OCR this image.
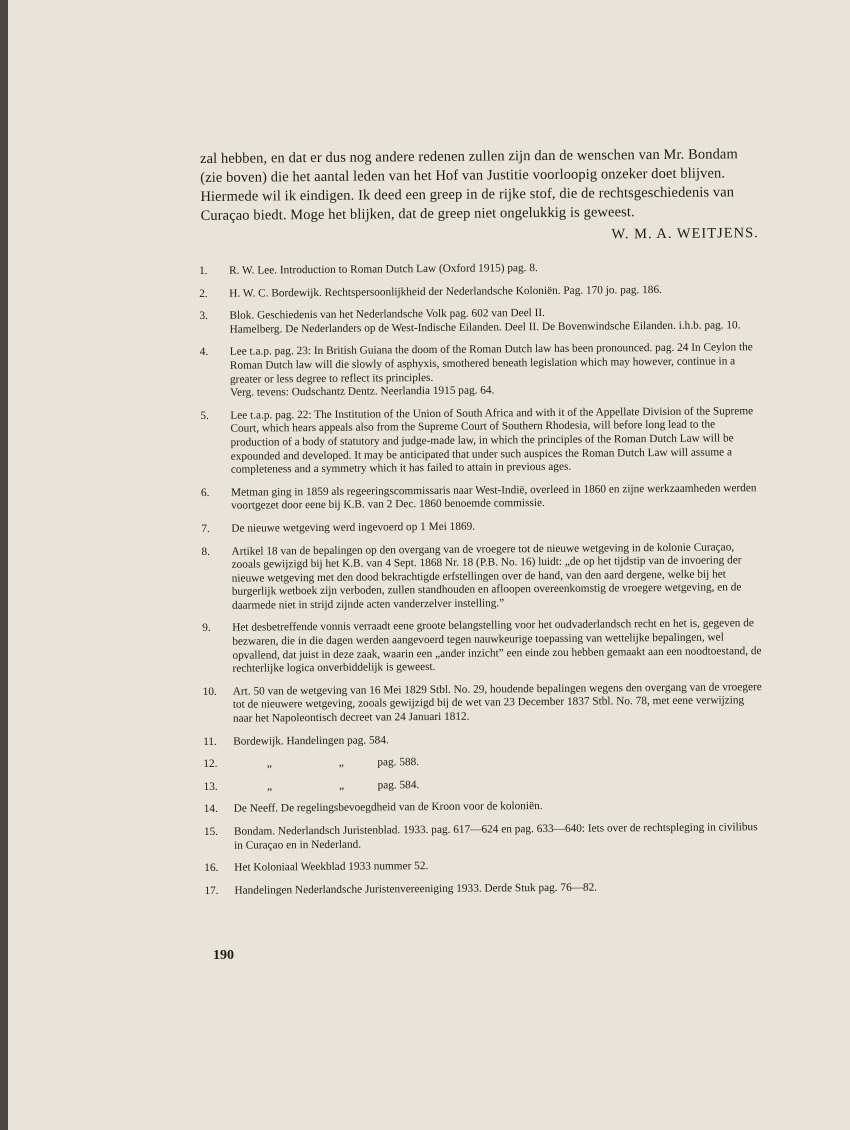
zal hebben, en dat er dus nog andere redenen zullen zijn dan de wenschen van Mr. Bondam (zie boven) die het aantal leden van het Hof van Justitie voorloopig onzeker doet blijven.
Hiermede wil ik eindigen. Ik deed een greep in de rijke stof, die de rechtsgeschiedenis van Curaçao biedt. Moge het blijken, dat de greep niet ongelukkig is geweest.
W. M. A. WEITJENS.
1.	R. W. Lee. Introduction to Roman Dutch Law (Oxford 1915) pag. 8.
2.	H. W. C. Bordewijk. Rechtspersoonlijkheid der Nederlandsche Koloniën. Pag. 170 jo. pag. 186.
3.	Blok. Geschiedenis van het Nederlandsche Volk pag. 602 van Deel II.
Hamelberg. De Nederlanders op de West-Indische Eilanden. Deel II. De Bovenwindsche Eilanden. i.h.b. pag. 10.
4.	Lee t.a.p. pag. 23: In British Guiana the doom of the Roman Dutch law has been pronounced. pag. 24 In Ceylon the Roman Dutch law will die slowly of asphyxis, smothered beneath legislation which may however, continue in a greater or less degree to reflect its principles.
Verg. tevens: Oudschantz Dentz. Neerlandia 1915 pag. 64.
5.	Lee t.a.p. pag. 22: The Institution of the Union of South Africa and with it of the Appellate Division of the Supreme Court, which hears appeals also from the Supreme Court of Southern Rhodesia, will before long lead to the production of a body of statutory and judge-made law, in which the principles of the Roman Dutch Law will be expounded and developed. It may be anticipated that under such auspices the Roman Dutch Law will assume a completeness and a symmetry which it has failed to attain in previous ages.
6.	Metman ging in 1859 als regeeringscommissaris naar West-Indië, overleed in 1860 en zijne werkzaamheden werden voortgezet door eene bij K.B. van 2 Dec. 1860 benoemde commissie.
7.	De nieuwe wetgeving werd ingevoerd op 1 Mei 1869.
8.	Artikel 18 van de bepalingen op den overgang van de vroegere tot de nieuwe wetgeving in de kolonie Curaçao, zooals gewijzigd bij het K.B. van 4 Sept. 1868 Nr. 18 (P.B. No. 16) luidt: „de op het tijdstip van de invoering der nieuwe wetgeving met den dood bekrachtigde erfstellingen over de hand, van den aard dergene, welke bij het burgerlijk wetboek zijn verboden, zullen standhouden en afloopen overeenkomstig de vroegere wetgeving, en de daarmede niet in strijd zijnde acten vanderzelver instelling.”
9.	Het desbetreffende vonnis verraadt eene groote belangstelling voor het oudvaderlandsch recht en het is, gegeven de bezwaren, die in die dagen werden aangevoerd tegen nauwkeurige toepassing van wettelijke bepalingen, wel opvallend, dat juist in deze zaak, waarin een „ander inzicht” een einde zou hebben gemaakt aan een noodtoestand, de rechterlijke logica onverbiddelijk is geweest.
10.	Art. 50 van de wetgeving van 16 Mei 1829 Stbl. No. 29, houdende bepalingen wegens den overgang van de vroegere tot de nieuwere wetgeving, zooals gewijzigd bij de wet van 23 December 1837 Stbl. No. 78, met eene verwijzing naar het Napoleontisch decreet van 24 Januari 1812.
11.	Bordewijk. Handelingen pag. 584.
12.	„	„	pag. 588.
13.	„	„	pag. 584.
14.	De Neeff. De regelingsbevoegdheid van de Kroon voor de koloniën.
15.	Bondam. Nederlandsch Juristenblad. 1933. pag. 617—624 en pag. 633—640: Iets over de rechtspleging in civilibus in Curaçao en in Nederland.
16.	Het Koloniaal Weekblad 1933 nummer 52.
17.	Handelingen Nederlandsche Juristenvereeniging 1933. Derde Stuk pag. 76—82.
190
